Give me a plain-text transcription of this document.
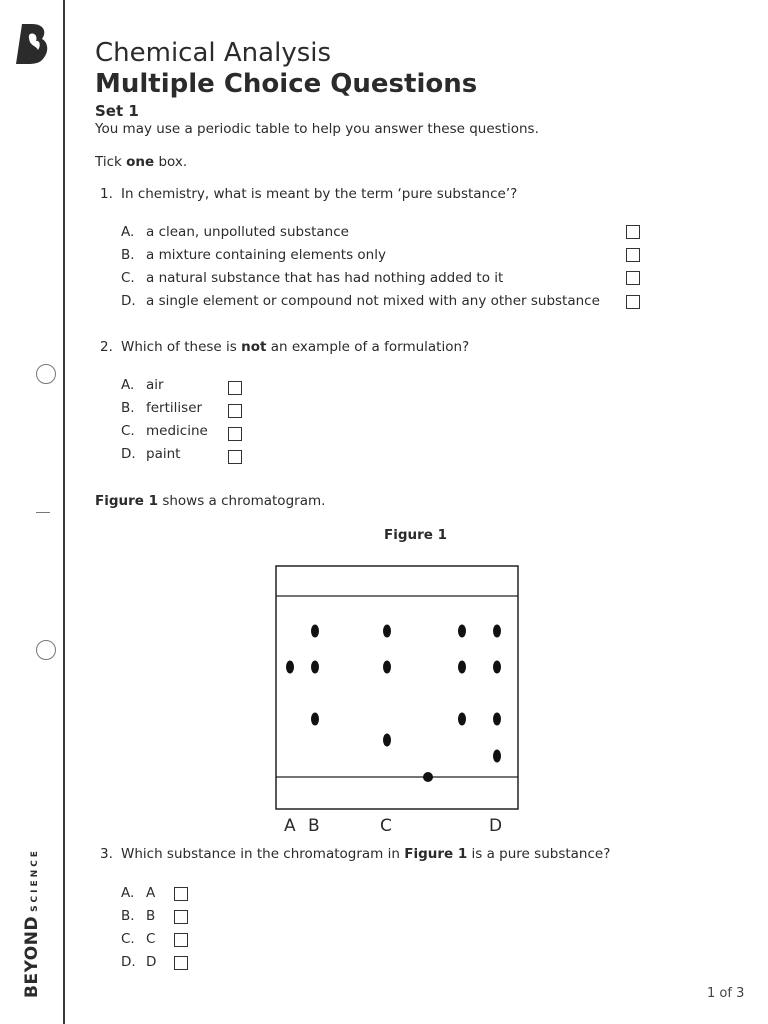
BEYONDSCIENCE
Chemical Analysis
Multiple Choice Questions
Set 1
You may use a periodic table to help you answer these questions.
Tick one box.
1. In chemistry, what is meant by the term ‘pure substance’?
A. a clean, unpolluted substance
B. a mixture containing elements only
C. a natural substance that has had nothing added to it
D. a single element or compound not mixed with any other substance
2. Which of these is not an example of a formulation?
A. air
B. fertiliser
C. medicine
D. paint
Figure 1 shows a chromatogram.
Figure 1
A B	C	D
3. Which substance in the chromatogram in Figure 1 is a pure substance?
A. A
B. B
C. C
D. D
1 of 3
